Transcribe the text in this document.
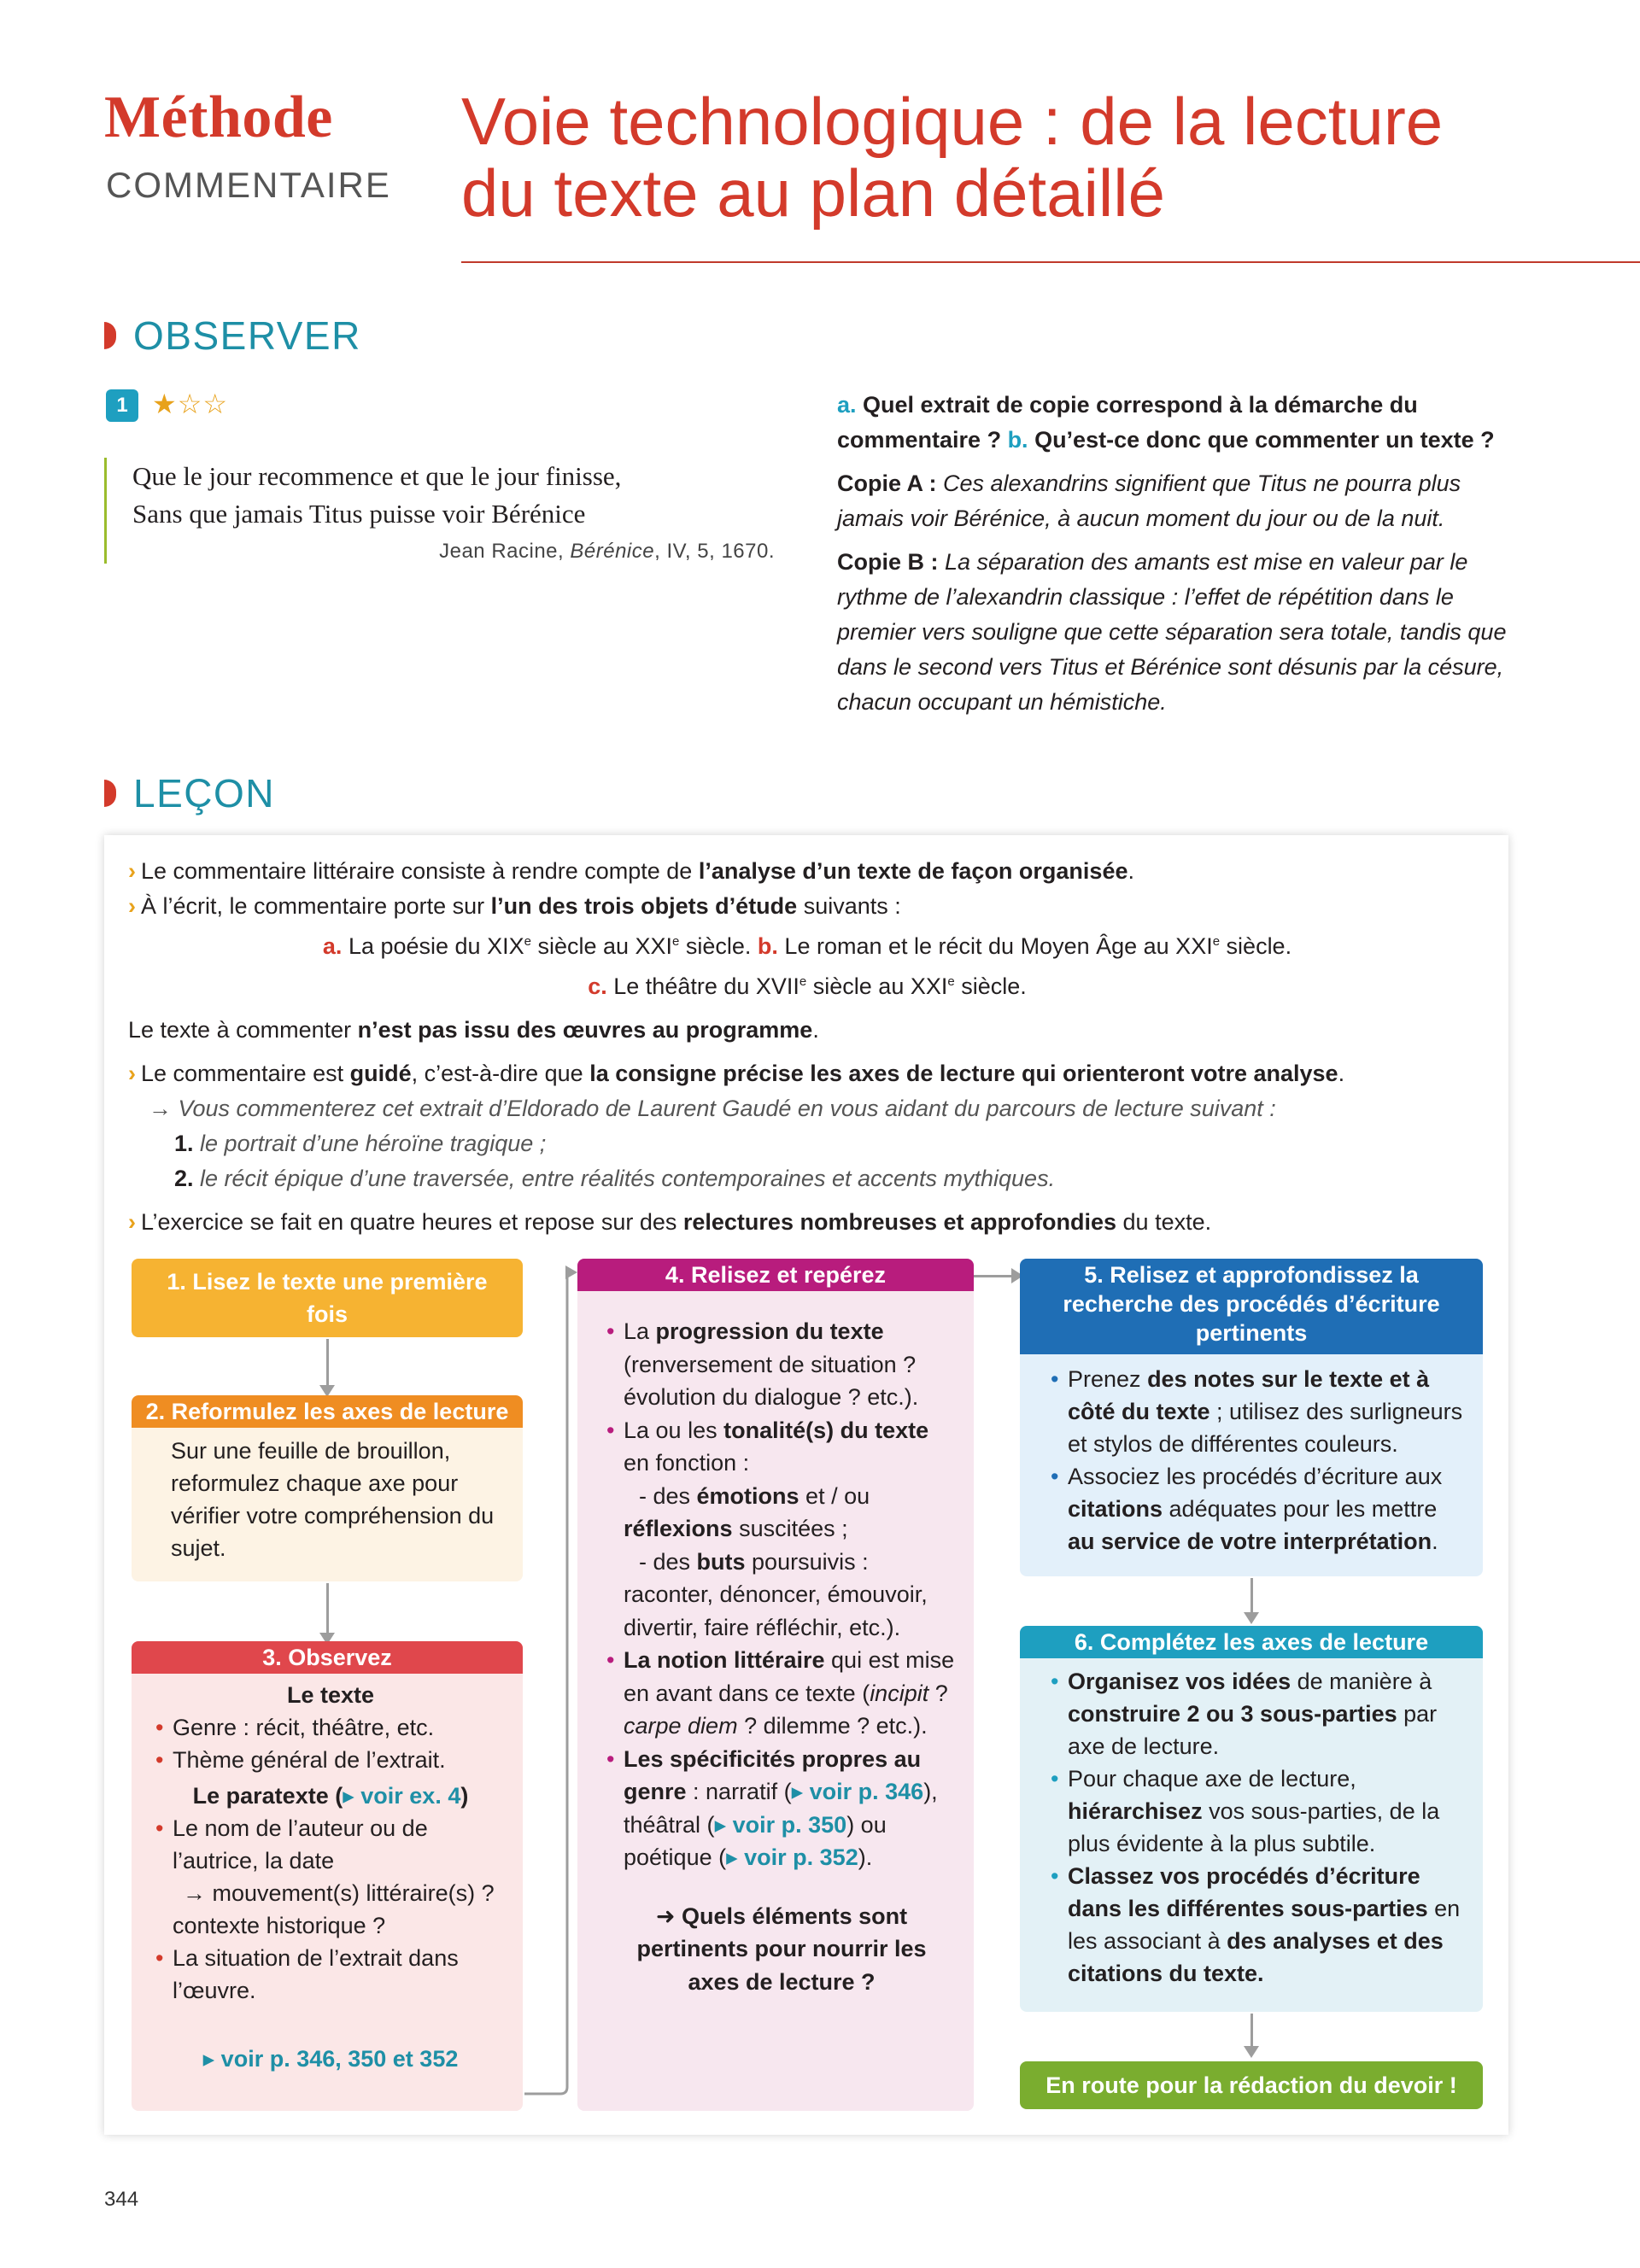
Méthode
COMMENTAIRE
Voie technologique : de la lecture
du texte au plan détaillé
OBSERVER
1 ★☆☆
Que le jour recommence et que le jour finisse,
Sans que jamais Titus puisse voir Bérénice
Jean Racine, Bérénice, IV, 5, 1670.

a. Quel extrait de copie correspond à la démarche du commentaire ? b. Qu’est-ce donc que commenter un texte ?

Copie A : Ces alexandrins signifient que Titus ne pourra plus jamais voir Bérénice, à aucun moment du jour ou de la nuit.

Copie B : La séparation des amants est mise en valeur par le rythme de l’alexandrin classique : l’effet de répétition dans le premier vers souligne que cette séparation sera totale, tandis que dans le second vers Titus et Bérénice sont désunis par la césure, chacun occupant un hémistiche.

LEÇON
› Le commentaire littéraire consiste à rendre compte de l’analyse d’un texte de façon organisée.
› À l’écrit, le commentaire porte sur l’un des trois objets d’étude suivants :
a. La poésie du XIXe siècle au XXIe siècle. b. Le roman et le récit du Moyen Âge au XXIe siècle.
c. Le théâtre du XVIIe siècle au XXIe siècle.
Le texte à commenter n’est pas issu des œuvres au programme.
› Le commentaire est guidé, c’est-à-dire que la consigne précise les axes de lecture qui orienteront votre analyse.
→ Vous commenterez cet extrait d’Eldorado de Laurent Gaudé en vous aidant du parcours de lecture suivant :
1. le portrait d’une héroïne tragique ;
2. le récit épique d’une traversée, entre réalités contemporaines et accents mythiques.
› L’exercice se fait en quatre heures et repose sur des relectures nombreuses et approfondies du texte.
1. Lisez le texte une première fois
2. Reformulez les axes de lecture
Sur une feuille de brouillon, reformulez chaque axe pour vérifier votre compréhension du sujet.
3. Observez
Le texte
• Genre : récit, théâtre, etc.
• Thème général de l’extrait.
Le paratexte (▸ voir ex. 4)
• Le nom de l’auteur ou de l’autrice, la date
→ mouvement(s) littéraire(s) ?
contexte historique ?
• La situation de l’extrait dans l’œuvre.
▸ voir p. 346, 350 et 352
4. Relisez et repérez
• La progression du texte (renversement de situation ? évolution du dialogue ? etc.).
• La ou les tonalité(s) du texte en fonction :
- des émotions et / ou réflexions suscitées ;
- des buts poursuivis : raconter, dénoncer, émouvoir, divertir, faire réfléchir, etc.).
• La notion littéraire qui est mise en avant dans ce texte (incipit ? carpe diem ? dilemme ? etc.).
• Les spécificités propres au genre : narratif (▸ voir p. 346), théâtral (▸ voir p. 350) ou poétique (▸ voir p. 352).
➜ Quels éléments sont pertinents pour nourrir les axes de lecture ?
5. Relisez et approfondissez la recherche des procédés d’écriture pertinents
• Prenez des notes sur le texte et à côté du texte ; utilisez des surligneurs et stylos de différentes couleurs.
• Associez les procédés d’écriture aux citations adéquates pour les mettre au service de votre interprétation.
6. Complétez les axes de lecture
• Organisez vos idées de manière à construire 2 ou 3 sous-parties par axe de lecture.
• Pour chaque axe de lecture, hiérarchisez vos sous-parties, de la plus évidente à la plus subtile.
• Classez vos procédés d’écriture dans les différentes sous-parties en les associant à des analyses et des citations du texte.
En route pour la rédaction du devoir !
344
